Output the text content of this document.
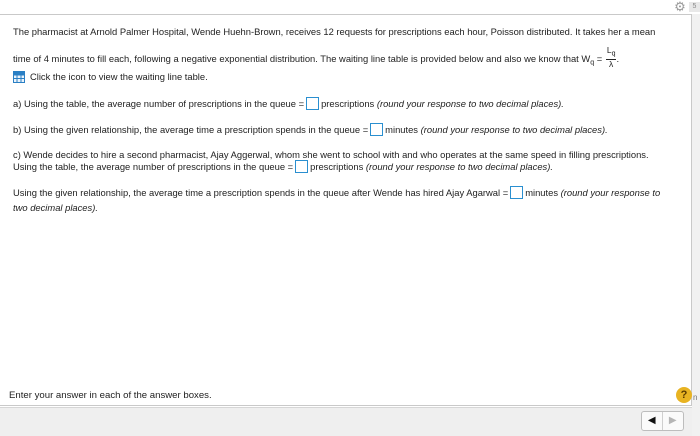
⚙ 5
n
The pharmacist at Arnold Palmer Hospital, Wende Huehn-Brown, receives 12 requests for prescriptions each hour, Poisson distributed. It takes her a mean
time of 4 minutes to fill each, following a negative exponential distribution. The waiting line table is provided below and also we know that $W_q = \frac{L_q}{\lambda}$ .
Click the icon to view the waiting line table.
a) Using the table, the average number of prescriptions in the queue = prescriptions (round your response to two decimal places).
b) Using the given relationship, the average time a prescription spends in the queue = minutes (round your response to two decimal places).
c) Wende decides to hire a second pharmacist, Ajay Aggerwal, whom she went to school with and who operates at the same speed in filling prescriptions.
Using the table, the average number of prescriptions in the queue = prescriptions (round your response to two decimal places).
Using the given relationship, the average time a prescription spends in the queue after Wende has hired Ajay Agarwal = minutes (round your response to
two decimal places).
Enter your answer in each of the answer boxes.	?
◀	▶
